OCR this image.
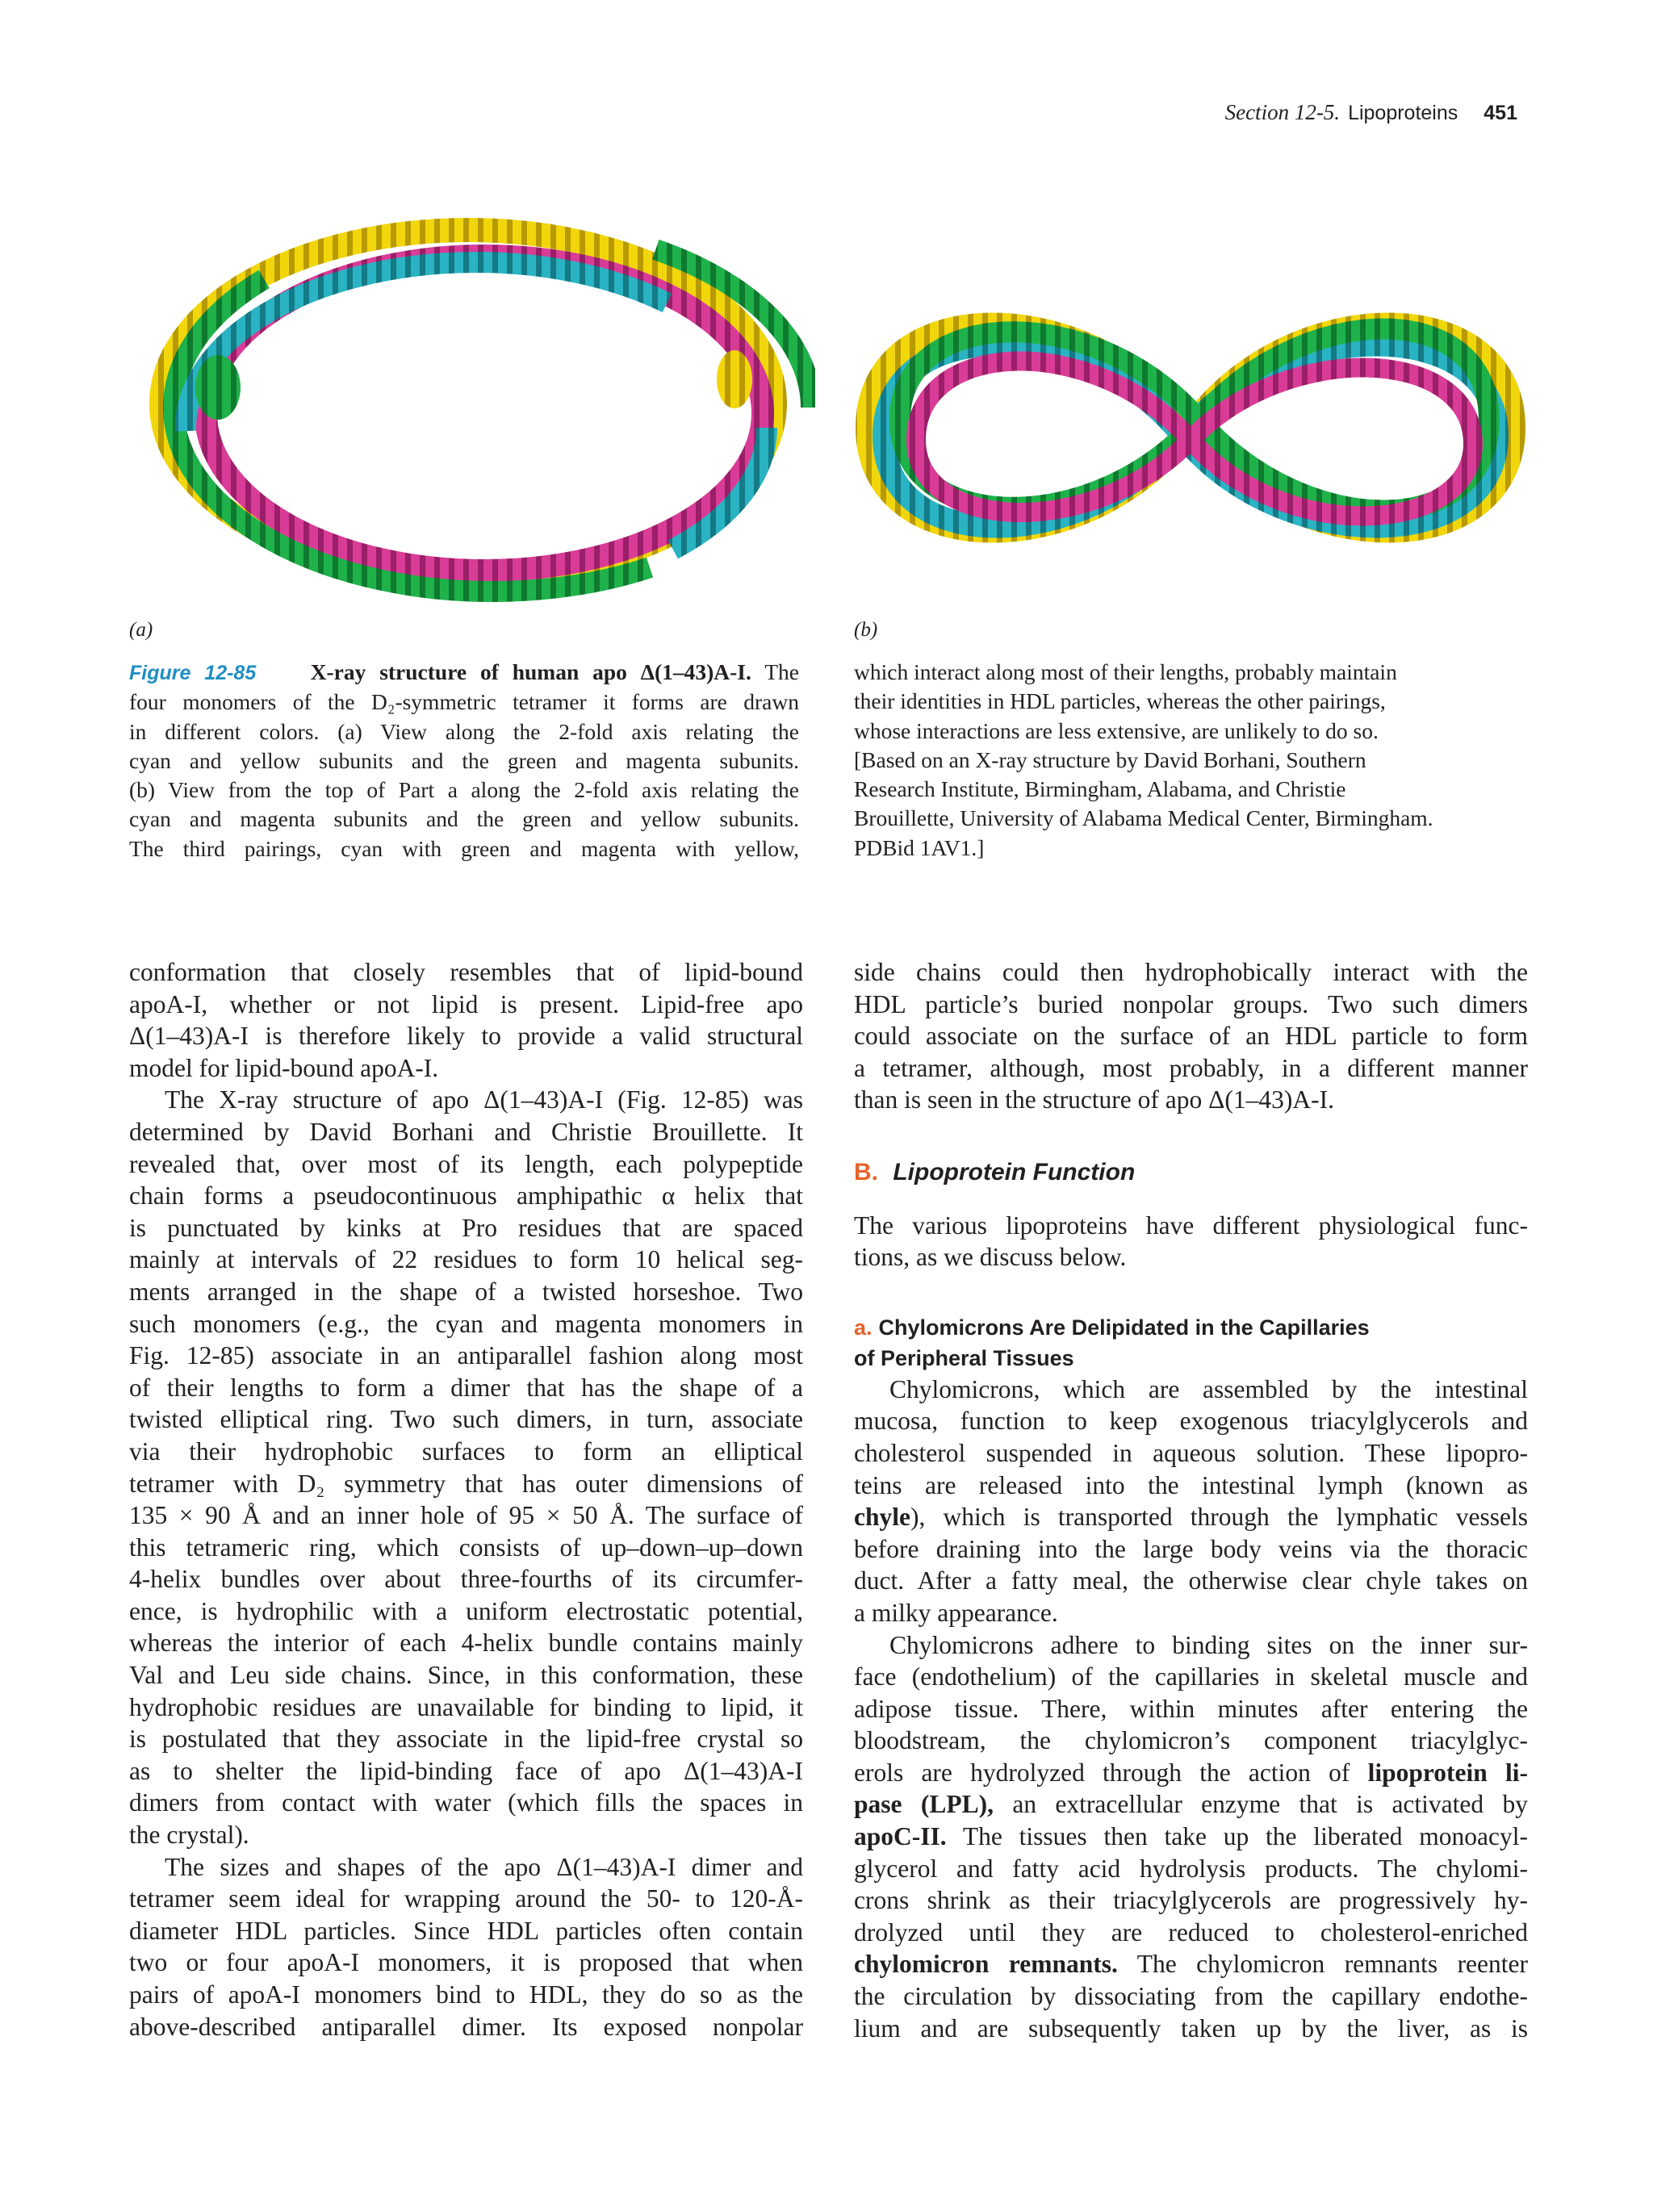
Section 12-5. Lipoproteins 451
(a)	(b)
Figure 12-85 X-ray structure of human apo Δ(1–43)A-I. The
four monomers of the D₂-symmetric tetramer it forms are drawn
in different colors. (a) View along the 2-fold axis relating the
cyan and yellow subunits and the green and magenta subunits.
(b) View from the top of Part a along the 2-fold axis relating the
cyan and magenta subunits and the green and yellow subunits.
The third pairings, cyan with green and magenta with yellow,
which interact along most of their lengths, probably maintain
their identities in HDL particles, whereas the other pairings,
whose interactions are less extensive, are unlikely to do so.
[Based on an X-ray structure by David Borhani, Southern
Research Institute, Birmingham, Alabama, and Christie
Brouillette, University of Alabama Medical Center, Birmingham.
PDBid 1AV1.]
conformation that closely resembles that of lipid-bound
apoA-I, whether or not lipid is present. Lipid-free apo
Δ(1–43)A-I is therefore likely to provide a valid structural
model for lipid-bound apoA-I.
The X-ray structure of apo Δ(1–43)A-I (Fig. 12-85) was
determined by David Borhani and Christie Brouillette. It
revealed that, over most of its length, each polypeptide
chain forms a pseudocontinuous amphipathic α helix that
is punctuated by kinks at Pro residues that are spaced
mainly at intervals of 22 residues to form 10 helical seg-
ments arranged in the shape of a twisted horseshoe. Two
such monomers (e.g., the cyan and magenta monomers in
Fig. 12-85) associate in an antiparallel fashion along most
of their lengths to form a dimer that has the shape of a
twisted elliptical ring. Two such dimers, in turn, associate
via their hydrophobic surfaces to form an elliptical
tetramer with D₂ symmetry that has outer dimensions of
135 × 90 Å and an inner hole of 95 × 50 Å. The surface of
this tetrameric ring, which consists of up–down–up–down
4-helix bundles over about three-fourths of its circumfer-
ence, is hydrophilic with a uniform electrostatic potential,
whereas the interior of each 4-helix bundle contains mainly
Val and Leu side chains. Since, in this conformation, these
hydrophobic residues are unavailable for binding to lipid, it
is postulated that they associate in the lipid-free crystal so
as to shelter the lipid-binding face of apo Δ(1–43)A-I
dimers from contact with water (which fills the spaces in
the crystal).
The sizes and shapes of the apo Δ(1–43)A-I dimer and
tetramer seem ideal for wrapping around the 50- to 120-Å-
diameter HDL particles. Since HDL particles often contain
two or four apoA-I monomers, it is proposed that when
pairs of apoA-I monomers bind to HDL, they do so as the
above-described antiparallel dimer. Its exposed nonpolar
side chains could then hydrophobically interact with the
HDL particle’s buried nonpolar groups. Two such dimers
could associate on the surface of an HDL particle to form
a tetramer, although, most probably, in a different manner
than is seen in the structure of apo Δ(1–43)A-I.
B. Lipoprotein Function
The various lipoproteins have different physiological func-
tions, as we discuss below.
a. Chylomicrons Are Delipidated in the Capillaries
of Peripheral Tissues
Chylomicrons, which are assembled by the intestinal
mucosa, function to keep exogenous triacylglycerols and
cholesterol suspended in aqueous solution. These lipopro-
teins are released into the intestinal lymph (known as
chyle), which is transported through the lymphatic vessels
before draining into the large body veins via the thoracic
duct. After a fatty meal, the otherwise clear chyle takes on
a milky appearance.
Chylomicrons adhere to binding sites on the inner sur-
face (endothelium) of the capillaries in skeletal muscle and
adipose tissue. There, within minutes after entering the
bloodstream, the chylomicron’s component triacylglyc-
erols are hydrolyzed through the action of lipoprotein li-
pase (LPL), an extracellular enzyme that is activated by
apoC-II. The tissues then take up the liberated monoacyl-
glycerol and fatty acid hydrolysis products. The chylomi-
crons shrink as their triacylglycerols are progressively hy-
drolyzed until they are reduced to cholesterol-enriched
chylomicron remnants. The chylomicron remnants reenter
the circulation by dissociating from the capillary endothe-
lium and are subsequently taken up by the liver, as is
